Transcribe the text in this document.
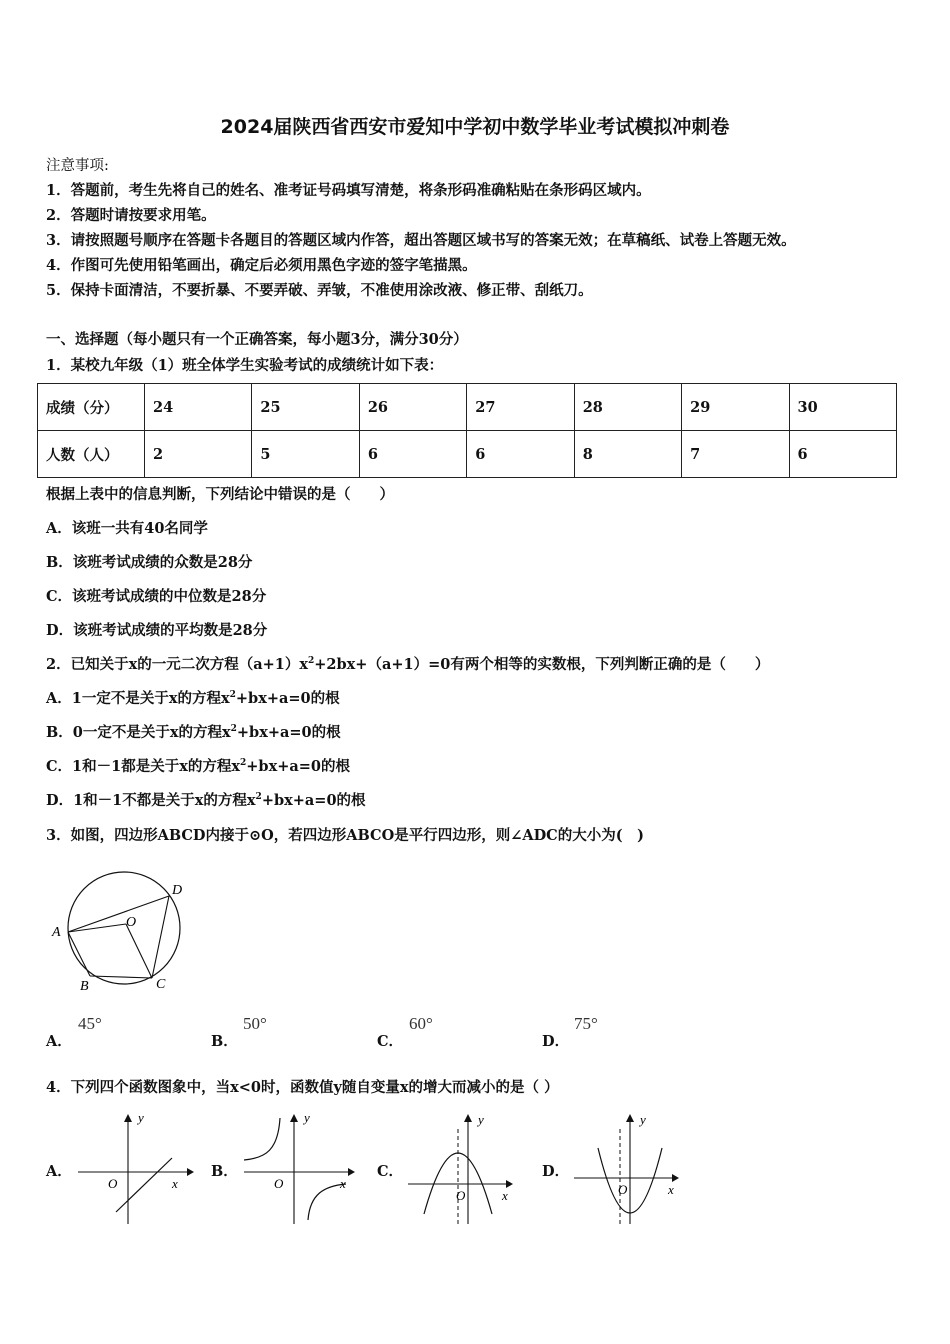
2024届陕西省西安市爱知中学初中数学毕业考试模拟冲刺卷
注意事项:
1．答题前，考生先将自己的姓名、准考证号码填写清楚，将条形码准确粘贴在条形码区域内。
2．答题时请按要求用笔。
3．请按照题号顺序在答题卡各题目的答题区域内作答，超出答题区域书写的答案无效；在草稿纸、试卷上答题无效。
4．作图可先使用铅笔画出，确定后必须用黑色字迹的签字笔描黑。
5．保持卡面清洁，不要折暴、不要弄破、弄皱，不准使用涂改液、修正带、刮纸刀。
一、选择题（每小题只有一个正确答案，每小题3分，满分30分）
1．某校九年级（1）班全体学生实验考试的成绩统计如下表：
成绩（分）	24	25	26	27	28	29	30
人数（人）	2	5	6	6	8	7	6
根据上表中的信息判断，下列结论中错误的是（　　）
A．该班一共有40名同学
B．该班考试成绩的众数是28分
C．该班考试成绩的中位数是28分
D．该班考试成绩的平均数是28分
2．已知关于x的一元二次方程$(a+1)x^2+2bx+(a+1)=0$有两个相等的实数根，下列判断正确的是（　　）
A．1一定不是关于x的方程$x^2+bx+a=0$的根
B．0一定不是关于x的方程$x^2+bx+a=0$的根
C．1和－1都是关于x的方程$x^2+bx+a=0$的根
D．1和－1不都是关于x的方程$x^2+bx+a=0$的根
3．如图，四边形ABCD内接于⊙O，若四边形ABCO是平行四边形，则∠ADC的大小为(　)
D
O
A
B	C
A．
45°
B．
50°
C．
60°
D．
75°
4．下列四个函数图象中，当x<0时，函数值y随自变量x的增大而减小的是（ ）
A．
x
y
O
B．
x
y
O
C．
x
y
O
D．
x
y
O
